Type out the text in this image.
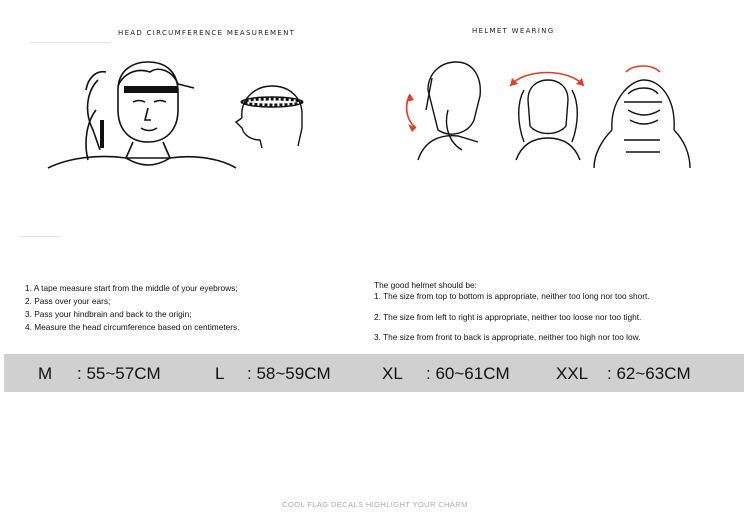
HEAD CIRCUMFERENCE MEASUREMENT	HELMET WEARING
1. A tape measure start from the middle of your eyebrows;
2. Pass over your ears;
3. Pass your hindbrain and back to the origin;
4. Measure the head circumference based on centimeters.
The good helmet should be:
1. The size from top to bottom is appropriate, neither too long nor too short.
2. The size from left to right is appropriate, neither too loose nor too tight.
3. The size from front to back is appropriate, neither too high nor too low.
M : 55~57CM	L : 58~59CM	XL : 60~61CM	XXL : 62~63CM
COOL FLAG DECALS HIGHLIGHT YOUR CHARM
